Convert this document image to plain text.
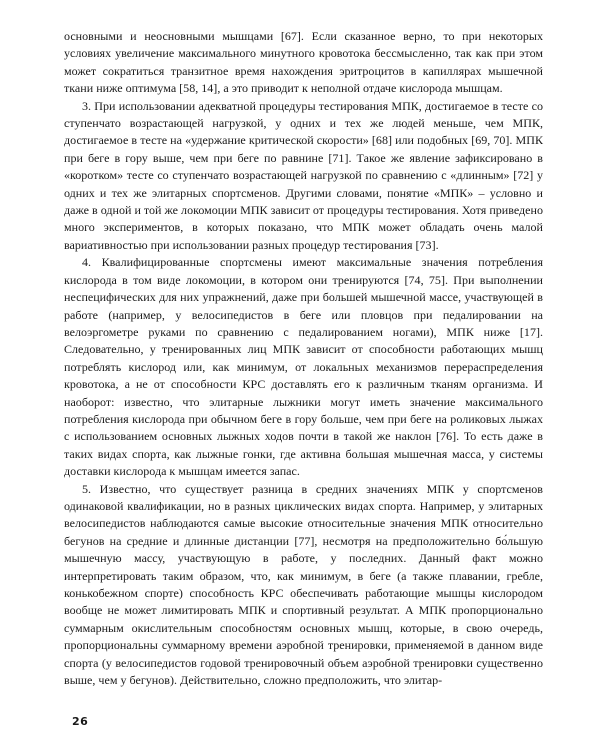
основными и неосновными мышцами [67]. Если сказанное верно, то при некоторых условиях увеличение максимального минутного кровотока бессмысленно, так как при этом может сократиться транзитное время нахождения эритроцитов в капиллярах мышечной ткани ниже оптимума [58, 14], а это приводит к неполной отдаче кислорода мышцам.

3. При использовании адекватной процедуры тестирования МПК, достигаемое в тесте со ступенчато возрастающей нагрузкой, у одних и тех же людей меньше, чем МПК, достигаемое в тесте на «удержание критической скорости» [68] или подобных [69, 70]. МПК при беге в гору выше, чем при беге по равнине [71]. Такое же явление зафиксировано в «коротком» тесте со ступенчато возрастающей нагрузкой по сравнению с «длинным» [72] у одних и тех же элитарных спортсменов. Другими словами, понятие «МПК» – условно и даже в одной и той же локомоции МПК зависит от процедуры тестирования. Хотя приведено много экспериментов, в которых показано, что МПК может обладать очень малой вариативностью при использовании разных процедур тестирования [73].

4. Квалифицированные спортсмены имеют максимальные значения потребления кислорода в том виде локомоции, в котором они тренируются [74, 75]. При выполнении неспецифических для них упражнений, даже при большей мышечной массе, участвующей в работе (например, у велосипедистов в беге или пловцов при педалировании на велоэргометре руками по сравнению с педалированием ногами), МПК ниже [17]. Следовательно, у тренированных лиц МПК зависит от способности работающих мышц потреблять кислород или, как минимум, от локальных механизмов перераспределения кровотока, а не от способности КРС доставлять его к различным тканям организма. И наоборот: известно, что элитарные лыжники могут иметь значение максимального потребления кислорода при обычном беге в гору больше, чем при беге на роликовых лыжах с использованием основных лыжных ходов почти в такой же наклон [76]. То есть даже в таких видах спорта, как лыжные гонки, где активна большая мышечная масса, у системы доставки кислорода к мышцам имеется запас.

5. Известно, что существует разница в средних значениях МПК у спортсменов одинаковой квалификации, но в разных циклических видах спорта. Например, у элитарных велосипедистов наблюдаются самые высокие относительные значения МПК относительно бегунов на средние и длинные дистанции [77], несмотря на предположительно бо́льшую мышечную массу, участвующую в работе, у последних. Данный факт можно интерпретировать таким образом, что, как минимум, в беге (а также плавании, гребле, конькобежном спорте) способность КРС обеспечивать работающие мышцы кислородом вообще не может лимитировать МПК и спортивный результат. А МПК пропорционально суммарным окислительным способностям основных мышц, которые, в свою очередь, пропорциональны суммарному времени аэробной тренировки, применяемой в данном виде спорта (у велосипедистов годовой тренировочный объем аэробной тренировки существенно выше, чем у бегунов). Действительно, сложно предположить, что элитар-

26
